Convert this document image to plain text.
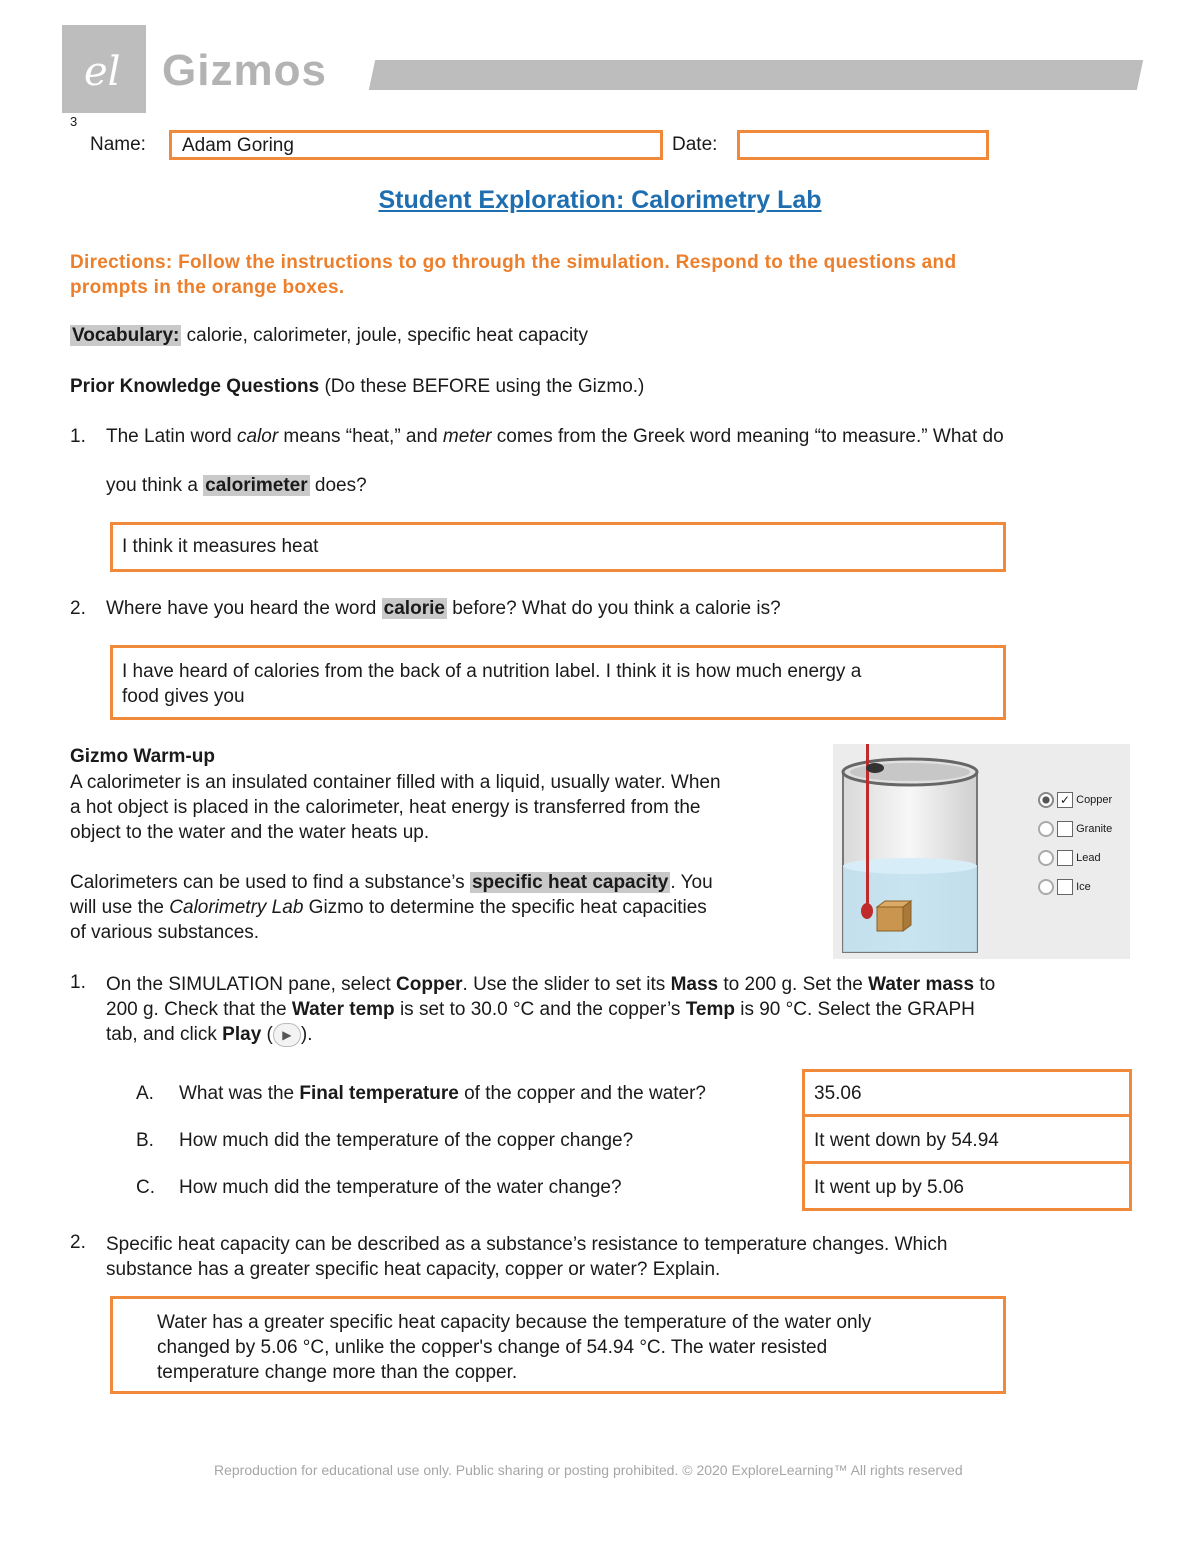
el Gizmos
3
Name:	Adam Goring	Date:
Student Exploration: Calorimetry Lab
Directions: Follow the instructions to go through the simulation. Respond to the questions and
prompts in the orange boxes.
Vocabulary: calorie, calorimeter, joule, specific heat capacity
Prior Knowledge Questions (Do these BEFORE using the Gizmo.)
1. The Latin word calor means “heat,” and meter comes from the Greek word meaning “to measure.” What do
you think a calorimeter does?
I think it measures heat
2. Where have you heard the word calorie before? What do you think a calorie is?
I have heard of calories from the back of a nutrition label. I think it is how much energy a
food gives you
Gizmo Warm-up
A calorimeter is an insulated container filled with a liquid, usually water. When
a hot object is placed in the calorimeter, heat energy is transferred from the
object to the water and the water heats up.
Calorimeters can be used to find a substance’s specific heat capacity . You
will use the Calorimetry Lab Gizmo to determine the specific heat capacities
of various substances.
✓ Copper
Granite
Lead
Ice
1. On the SIMULATION pane, select Copper. Use the slider to set its Mass to 200 g. Set the Water mass to
200 g. Check that the Water temp is set to 30.0 °C and the copper’s Temp is 90 °C. Select the GRAPH
tab, and click Play ( ▶ ).
A. What was the Final temperature of the copper and the water?
B. How much did the temperature of the copper change?
C. How much did the temperature of the water change?
35.06
It went down by 54.94
It went up by 5.06
2. Specific heat capacity can be described as a substance’s resistance to temperature changes. Which
substance has a greater specific heat capacity, copper or water? Explain.
Water has a greater specific heat capacity because the temperature of the water only
changed by 5.06 °C, unlike the copper's change of 54.94 °C. The water resisted
temperature change more than the copper.
Reproduction for educational use only. Public sharing or posting prohibited. © 2020 ExploreLearning™ All rights reserved
